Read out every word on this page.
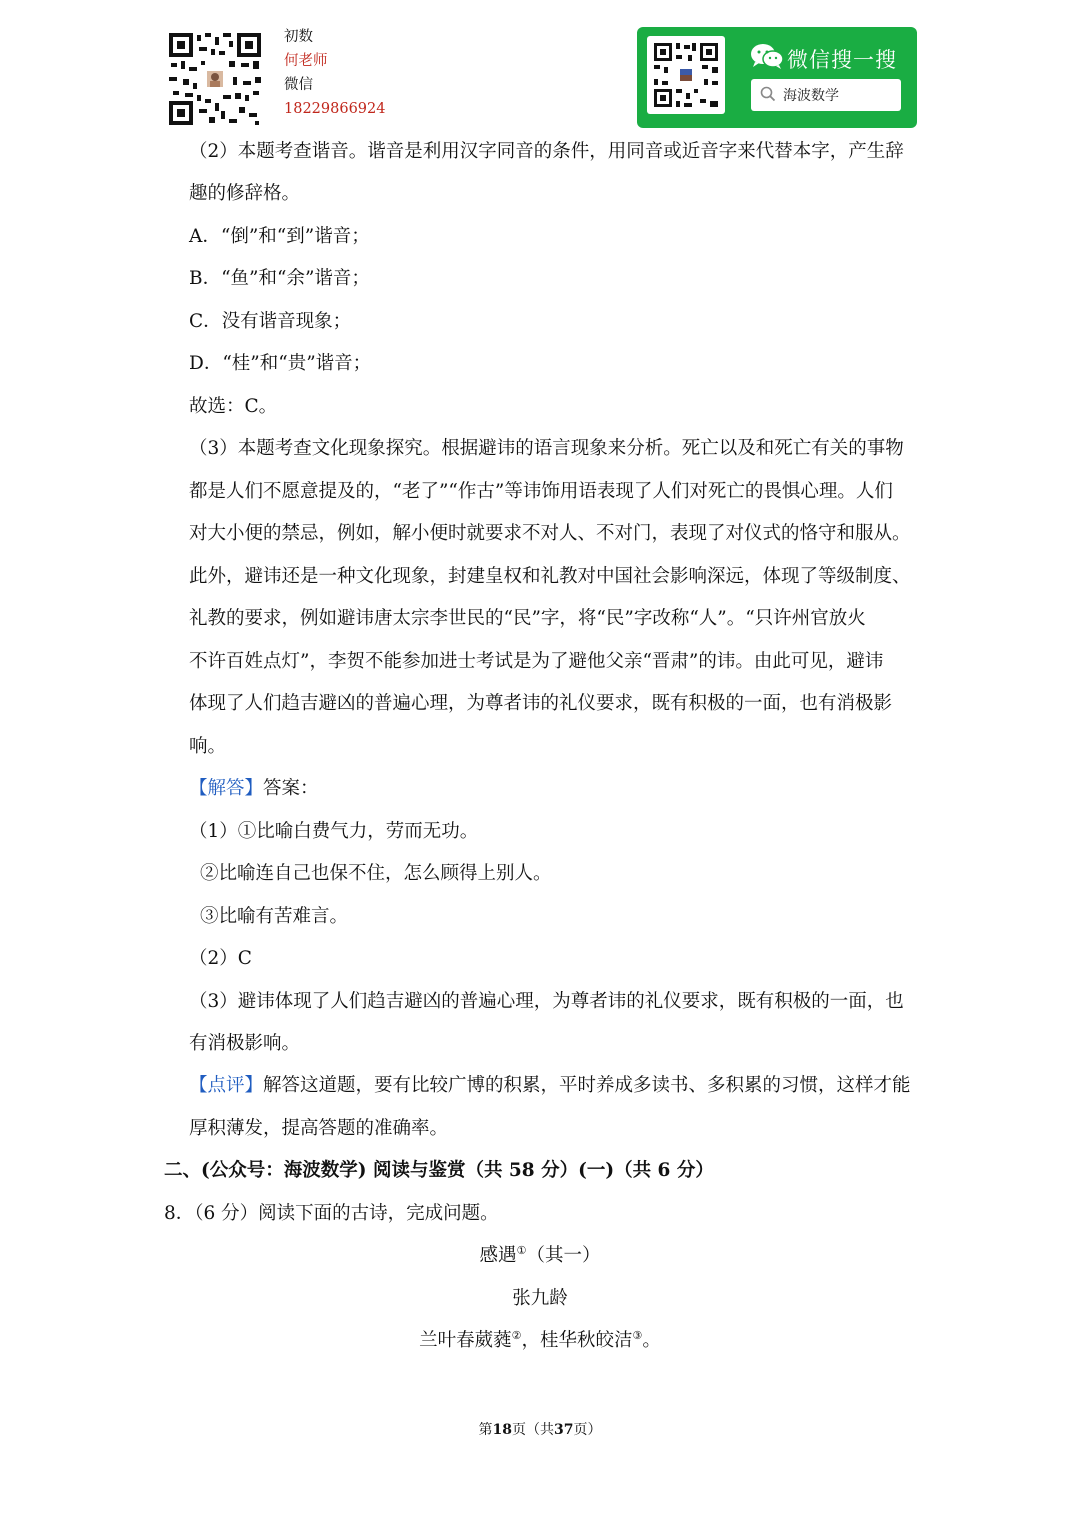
初数
何老师
微信
18229866924
微信搜一搜
海波数学
（2）本题考查谐音。谐音是利用汉字同音的条件，用同音或近音字来代替本字，产生辞
趣的修辞格。
A．“倒”和“到”谐音；
B．“鱼”和“余”谐音；
C．没有谐音现象；
D．“桂”和“贵”谐音；
故选：C。
（3）本题考查文化现象探究。根据避讳的语言现象来分析。死亡以及和死亡有关的事物
都是人们不愿意提及的，“老了”“作古”等讳饰用语表现了人们对死亡的畏惧心理。人们
对大小便的禁忌，例如，解小便时就要求不对人、不对门，表现了对仪式的恪守和服从。
此外，避讳还是一种文化现象，封建皇权和礼教对中国社会影响深远，体现了等级制度、
礼教的要求，例如避讳唐太宗李世民的“民”字，将“民”字改称“人”。“只许州官放火
不许百姓点灯”，李贺不能参加进士考试是为了避他父亲“晋肃”的讳。由此可见，避讳
体现了人们趋吉避凶的普遍心理，为尊者讳的礼仪要求，既有积极的一面，也有消极影
响。
【解答】答案：
（1）①比喻白费气力，劳而无功。
②比喻连自己也保不住，怎么顾得上别人。
③比喻有苦难言。
（2）C
（3）避讳体现了人们趋吉避凶的普遍心理，为尊者讳的礼仪要求，既有积极的一面，也
有消极影响。
【点评】解答这道题，要有比较广博的积累，平时养成多读书、多积累的习惯，这样才能
厚积薄发，提高答题的准确率。
二、(公众号：海波数学) 阅读与鉴赏（共 58 分）(一)（共 6 分）
8．（6 分）阅读下面的古诗，完成问题。
感遇①（其一）
张九龄
兰叶春葳蕤②，桂华秋皎洁③。
第18页（共37页）
